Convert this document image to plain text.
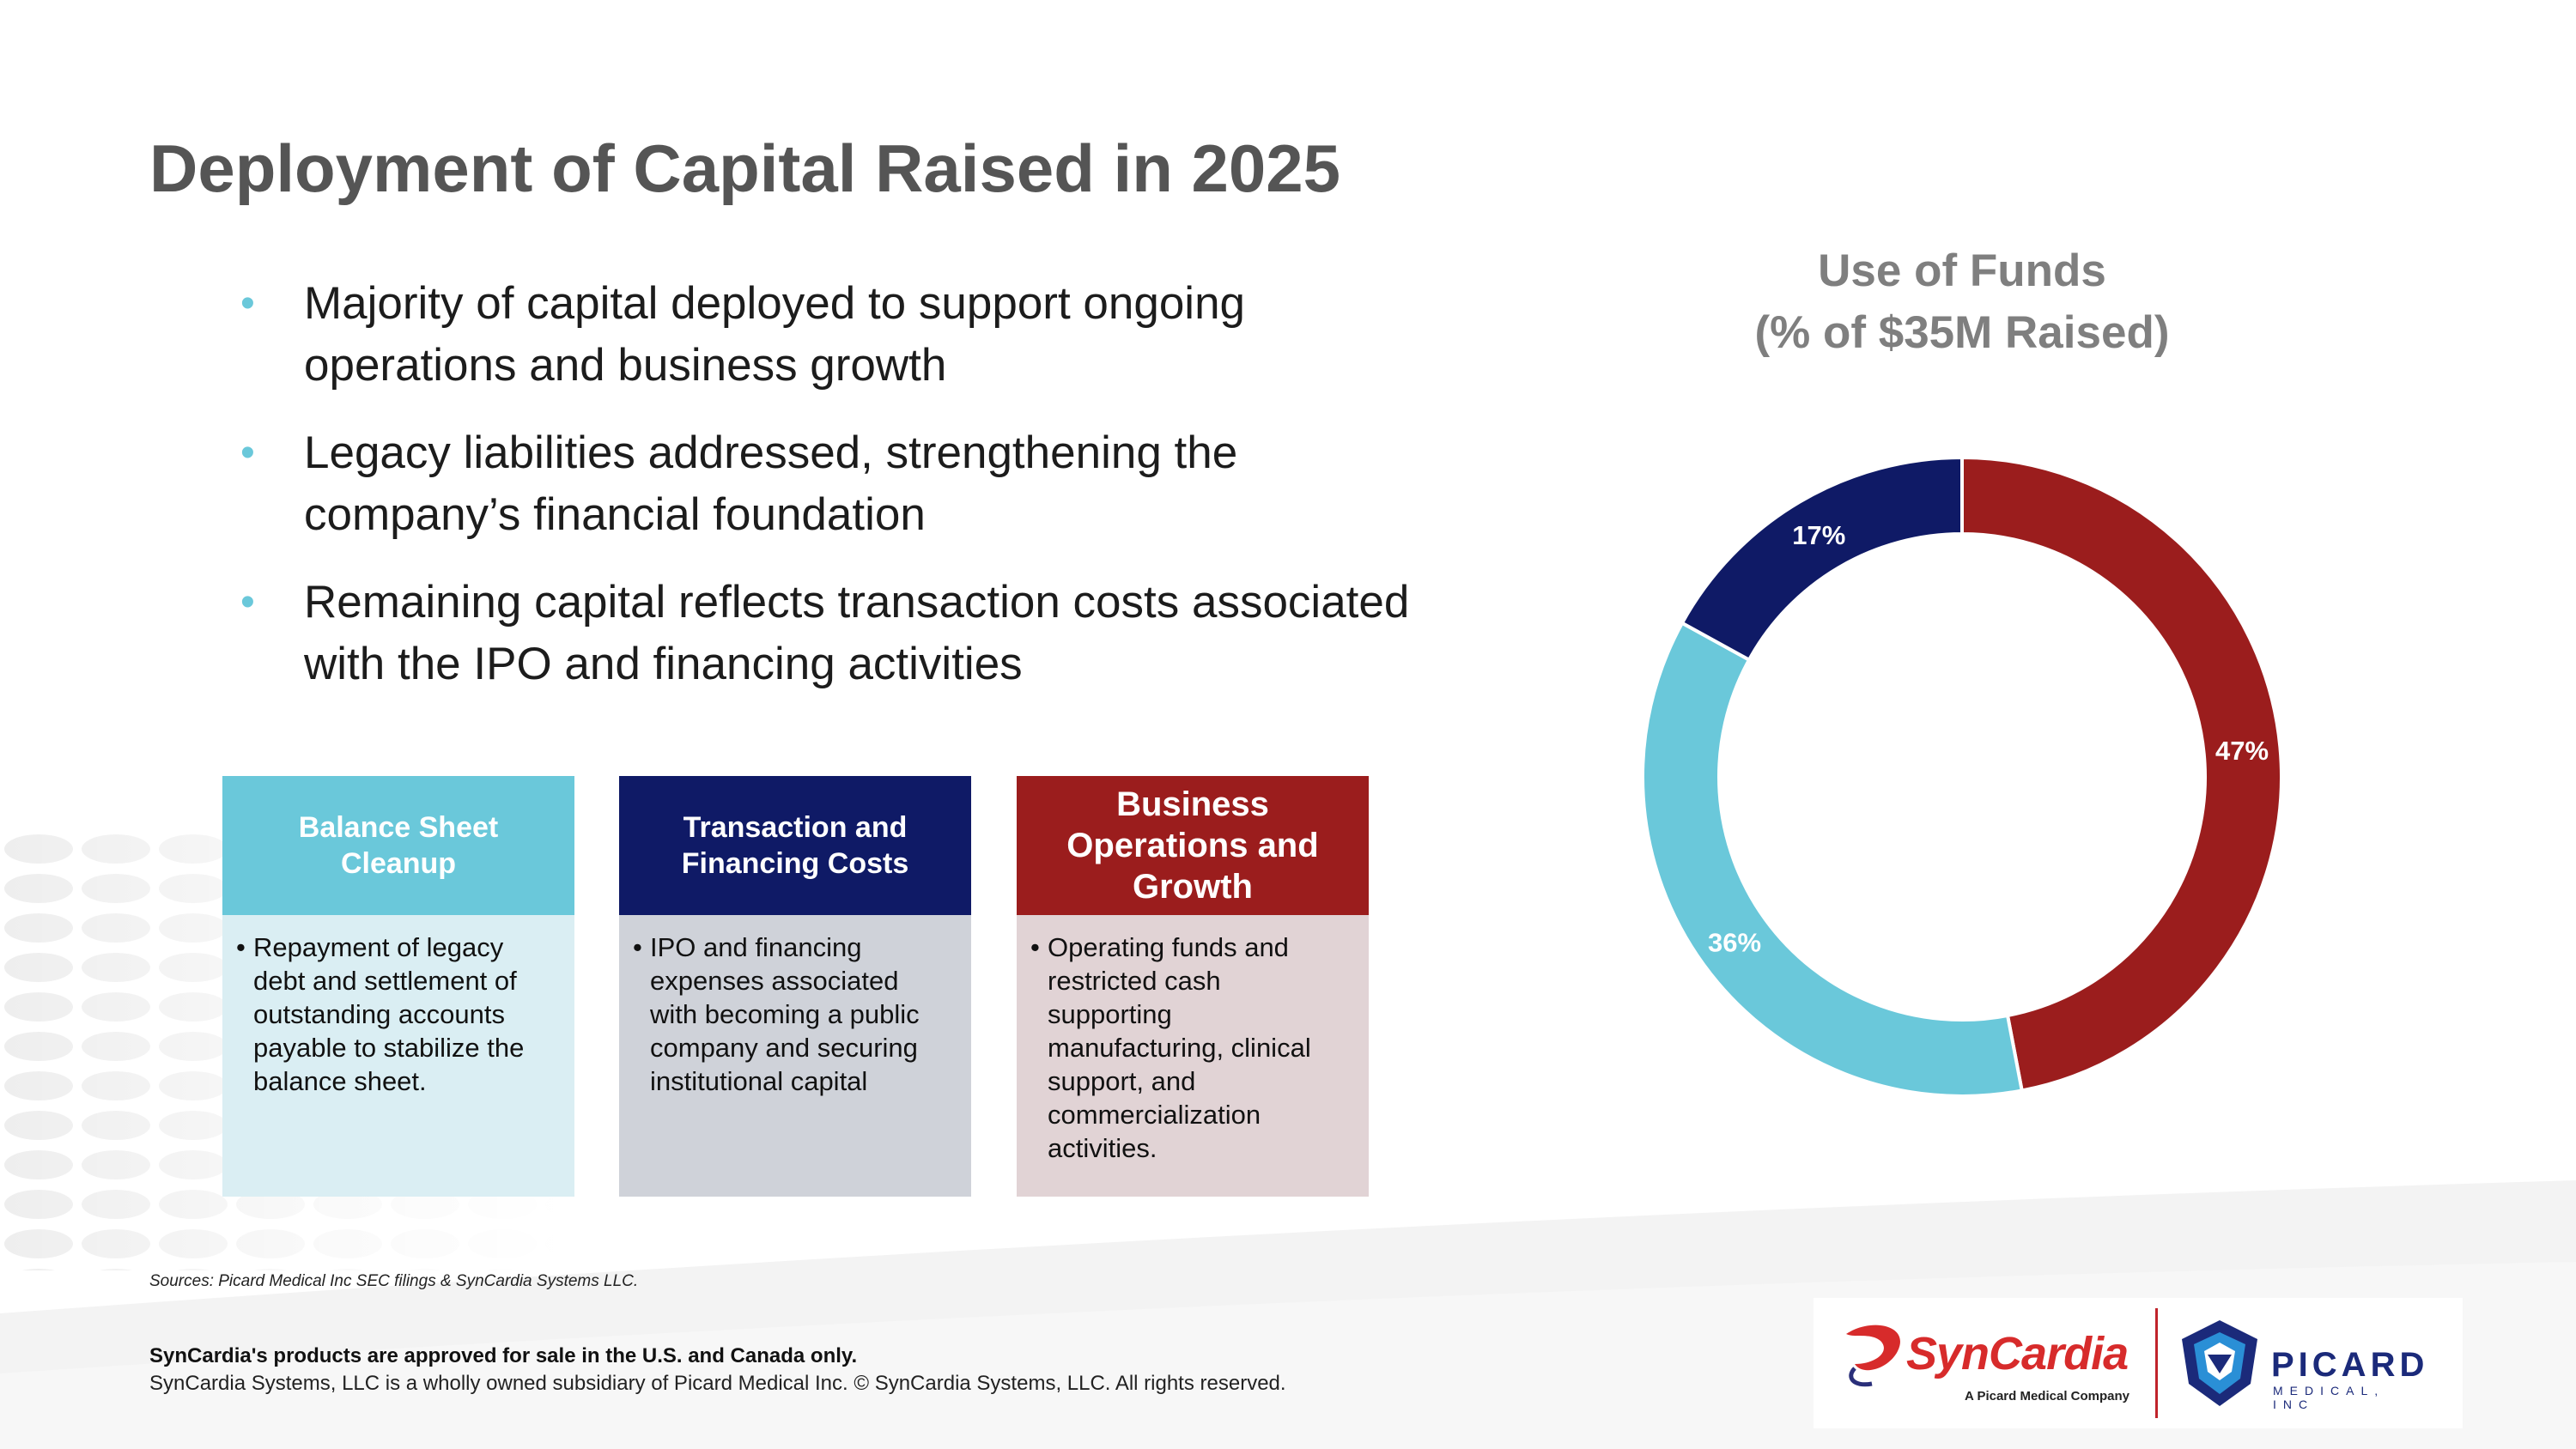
Deployment of Capital Raised in 2025
• Majority of capital deployed to support ongoing operations and business growth
• Legacy liabilities addressed, strengthening the company’s financial foundation
• Remaining capital reflects transaction costs associated with the IPO and financing activities
Balance Sheet Cleanup
• Repayment of legacy debt and settlement of outstanding accounts payable to stabilize the balance sheet.
Transaction and Financing Costs
• IPO and financing expenses associated with becoming a public company and securing institutional capital
Business Operations and Growth
• Operating funds and restricted cash supporting manufacturing, clinical support, and commercialization activities.
Use of Funds
(% of $35M Raised)
47%
36%
17%
Sources: Picard Medical Inc SEC filings & SynCardia Systems LLC.
SynCardia's products are approved for sale in the U.S. and Canada only.
SynCardia Systems, LLC is a wholly owned subsidiary of Picard Medical Inc. © SynCardia Systems, LLC. All rights reserved.
SynCardia
A Picard Medical Company
PICARD
MEDICAL, INC
